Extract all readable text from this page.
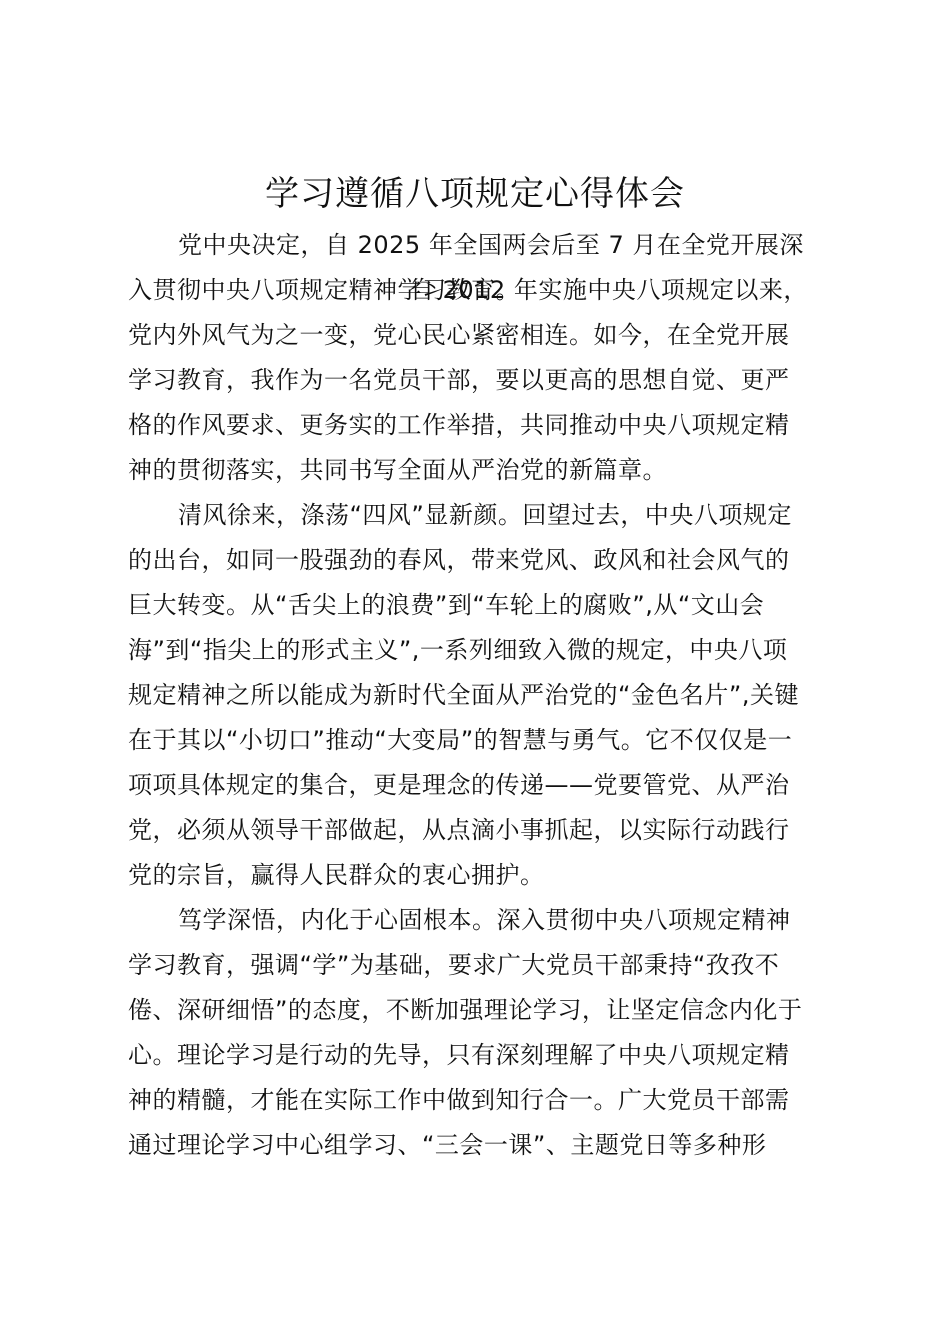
学习遵循八项规定心得体会
党中央决定，自 2025 年全国两会后至 7 月在全党开展深
入贯彻中央八项规定精神学习教育。
自 2012 年实施中央八项规定以来，
党内外风气为之一变，党心民心紧密相连。如今，在全党开展
学习教育，我作为一名党员干部，要以更高的思想自觉、更严
格的作风要求、更务实的工作举措，共同推动中央八项规定精
神的贯彻落实，共同书写全面从严治党的新篇章。
清风徐来，涤荡“四风”显新颜。回望过去，中央八项规定
的出台，如同一股强劲的春风，带来党风、政风和社会风气的
巨大转变。从“舌尖上的浪费”到“车轮上的腐败”,从“文山会
海”到“指尖上的形式主义”,一系列细致入微的规定，中央八项
规定精神之所以能成为新时代全面从严治党的“金色名片”,关键
在于其以“小切口”推动“大变局”的智慧与勇气。它不仅仅是一
项项具体规定的集合，更是理念的传递——党要管党、从严治
党，必须从领导干部做起，从点滴小事抓起，以实际行动践行
党的宗旨，赢得人民群众的衷心拥护。
笃学深悟，内化于心固根本。深入贯彻中央八项规定精神
学习教育，强调“学”为基础，要求广大党员干部秉持“孜孜不
倦、深研细悟”的态度，不断加强理论学习，让坚定信念内化于
心。理论学习是行动的先导，只有深刻理解了中央八项规定精
神的精髓，才能在实际工作中做到知行合一。广大党员干部需
通过理论学习中心组学习、“三会一课”、主题党日等多种形
